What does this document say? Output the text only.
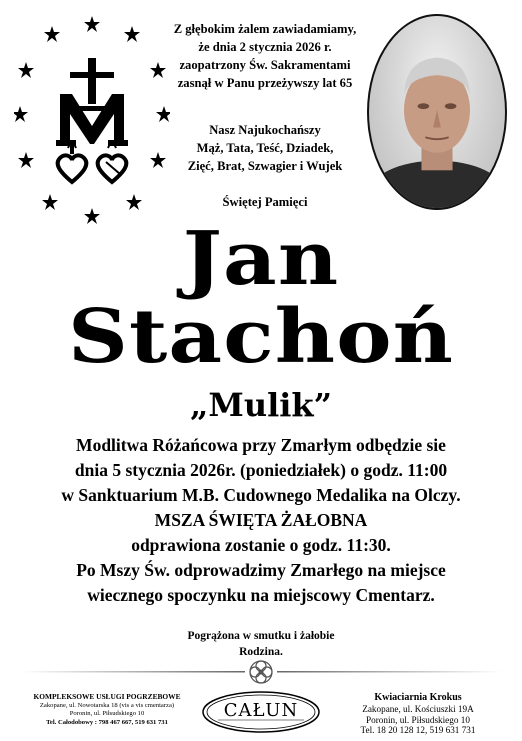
Z głębokim żalem zawiadamiamy,
że dnia 2 stycznia 2026 r.
zaopatrzony Św. Sakramentami
zasnął w Panu przeżywszy lat 65
Nasz Najukochańszy
Mąż, Tata, Teść, Dziadek,
Zięć, Brat, Szwagier i Wujek
Świętej Pamięci
Jan
Stachoń
„Mulik”
Modlitwa Różańcowa przy Zmarłym odbędzie sie
dnia 5 stycznia 2026r. (poniedziałek) o godz. 11:00
w Sanktuarium M.B. Cudownego Medalika na Olczy.
MSZA ŚWIĘTA ŻAŁOBNA
odprawiona zostanie o godz. 11:30.
Po Mszy Św. odprowadzimy Zmarłego na miejsce
wiecznego spoczynku na miejscowy Cmentarz.
Pogrążona w smutku i żałobie
Rodzina.
KOMPLEKSOWE USŁUGI POGRZEBOWE
Zakopane, ul. Nowotarska 18 (vis a vis cmentarza)
Poronin, ul. Piłsudskiego 10
Tel. Całodobowy : 798 467 667, 519 631 731
CAŁUN
Kwiaciarnia Krokus
Zakopane, ul. Kościuszki 19A
Poronin, ul. Piłsudskiego 10
Tel. 18 20 128 12, 519 631 731
